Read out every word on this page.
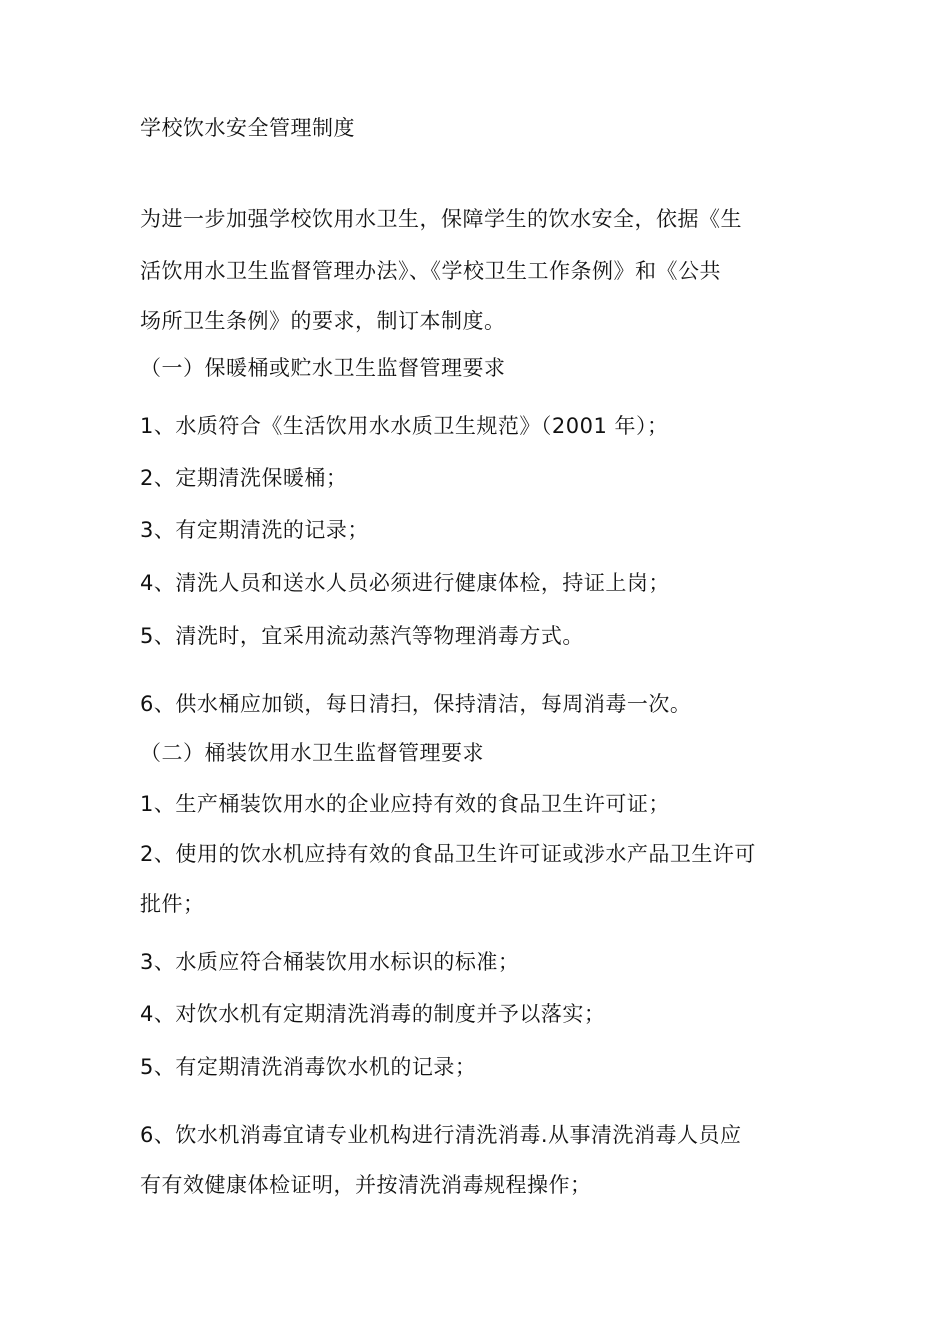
学校饮水安全管理制度
为进一步加强学校饮用水卫生，保障学生的饮水安全，依据《生
活饮用水卫生监督管理办法》、《学校卫生工作条例》和《公共
场所卫生条例》的要求，制订本制度。
（一）保暖桶或贮水卫生监督管理要求
1、水质符合《生活饮用水水质卫生规范》（2001 年）；
2、定期清洗保暖桶；
3、有定期清洗的记录；
4、清洗人员和送水人员必须进行健康体检，持证上岗；
5、清洗时，宜采用流动蒸汽等物理消毒方式。
6、供水桶应加锁，每日清扫，保持清洁，每周消毒一次。
（二）桶装饮用水卫生监督管理要求
1、生产桶装饮用水的企业应持有效的食品卫生许可证；
2、使用的饮水机应持有效的食品卫生许可证或涉水产品卫生许可
批件；
3、水质应符合桶装饮用水标识的标准；
4、对饮水机有定期清洗消毒的制度并予以落实；
5、有定期清洗消毒饮水机的记录；
6、饮水机消毒宜请专业机构进行清洗消毒.从事清洗消毒人员应
有有效健康体检证明，并按清洗消毒规程操作；
